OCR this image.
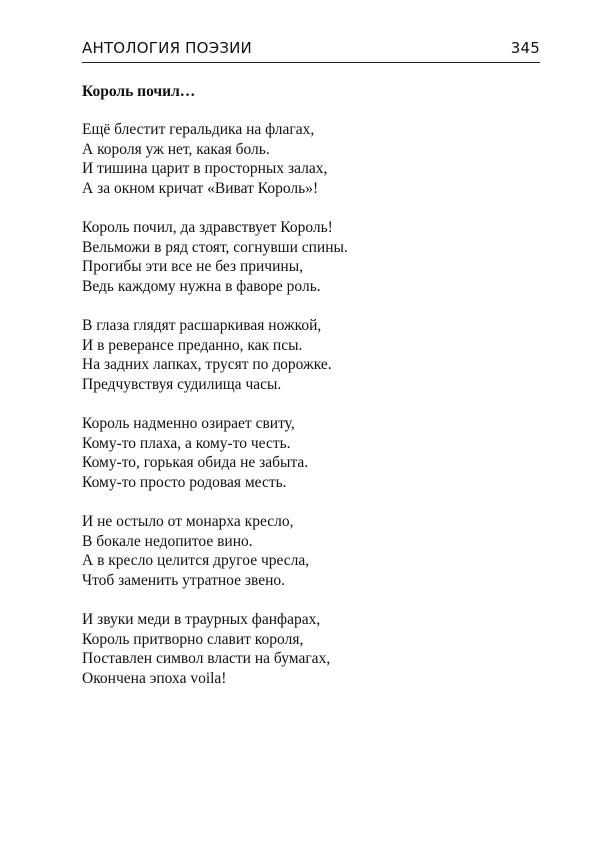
АНТОЛОГИЯ ПОЭЗИИ	345
Король почил…
Ещё блестит геральдика на флагах,
А короля уж нет, какая боль.
И тишина царит в просторных залах,
А за окном кричат «Виват Король»!
Король почил, да здравствует Король!
Вельможи в ряд стоят, согнувши спины.
Прогибы эти все не без причины,
Ведь каждому нужна в фаворе роль.
В глаза глядят расшаркивая ножкой,
И в реверансе преданно, как псы.
На задних лапках, трусят по дорожке.
Предчувствуя судилища часы.
Король надменно озирает свиту,
Кому-то плаха, а кому-то честь.
Кому-то, горькая обида не забыта.
Кому-то просто родовая месть.
И не остыло от монарха кресло,
В бокале недопитое вино.
А в кресло целится другое чресла,
Чтоб заменить утратное звено.
И звуки меди в траурных фанфарах,
Король притворно славит короля,
Поставлен символ власти на бумагах,
Окончена эпоха voila!
